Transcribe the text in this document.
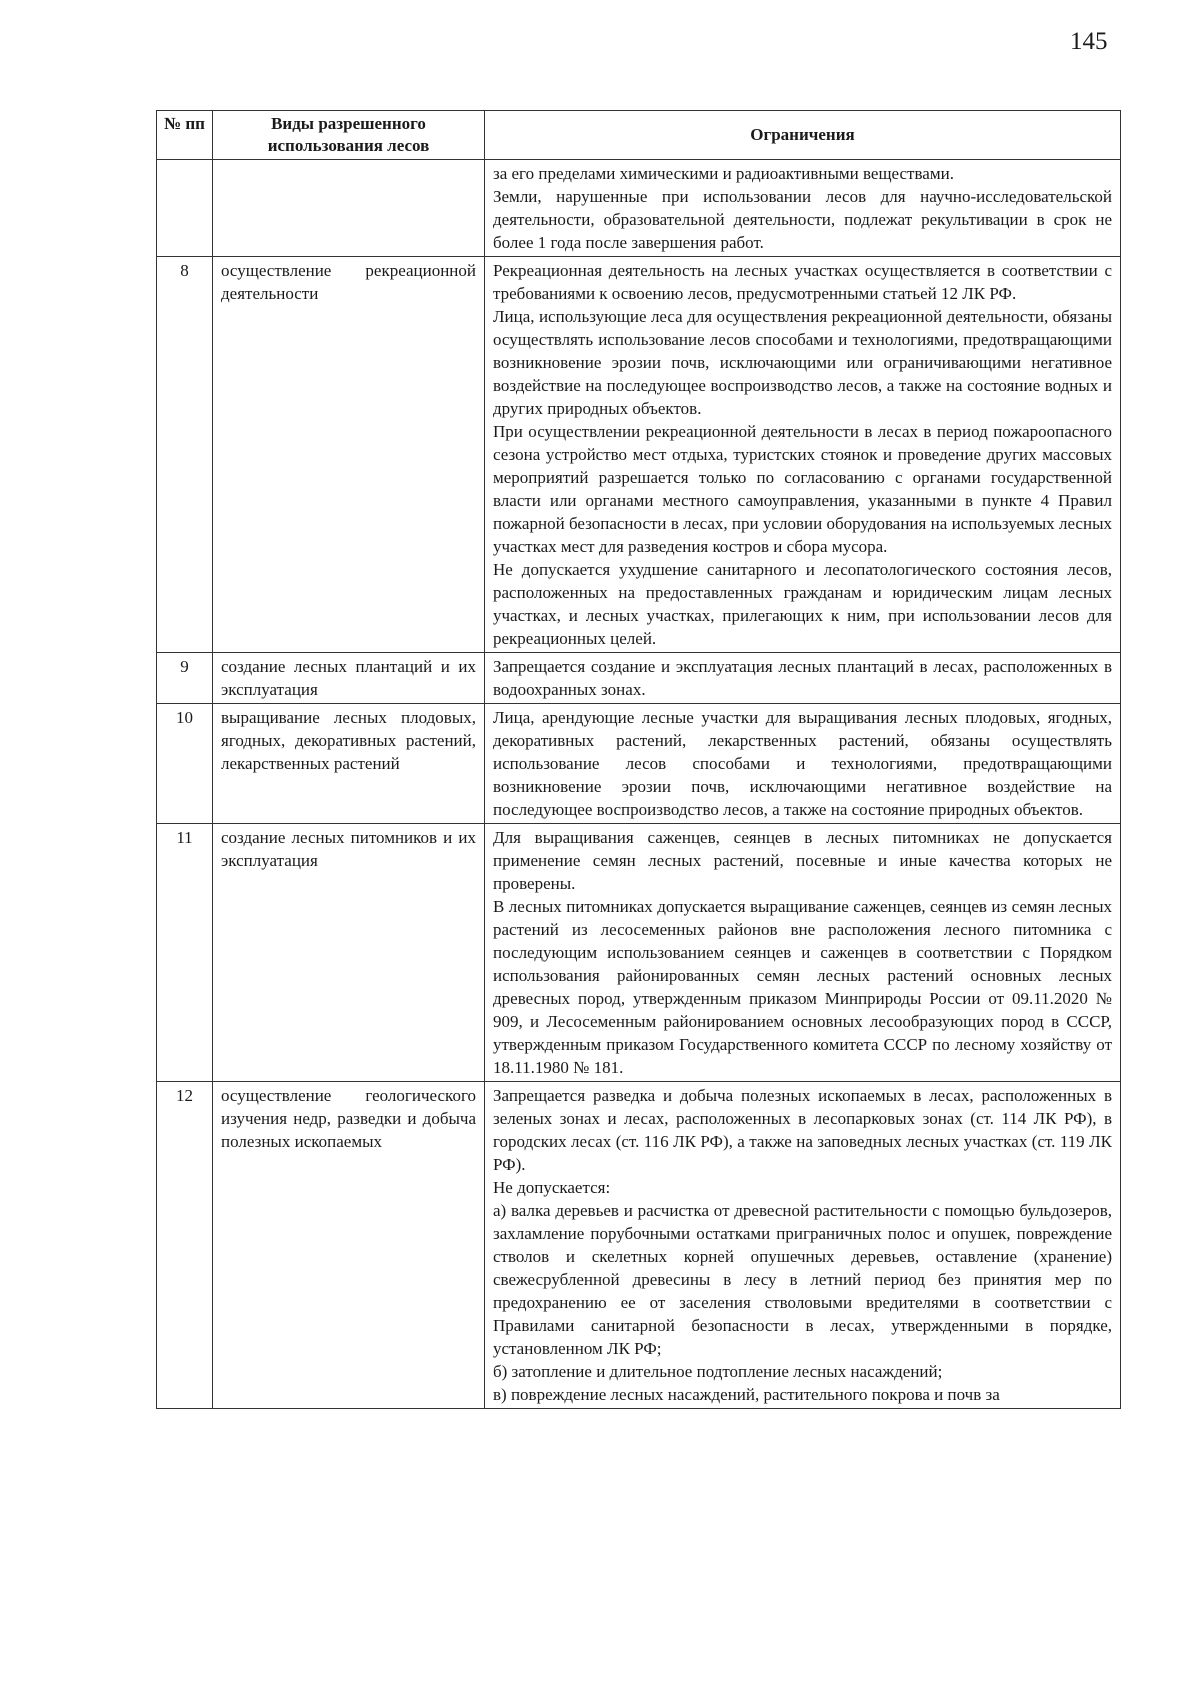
145
№ пп	Виды разрешенного использования лесов	Ограничения

		за его пределами химическими и радиоактивными веществами.

Земли, нарушенные при использовании лесов для научно-исследовательской деятельности, образовательной деятельности, подлежат рекультивации в срок не более 1 года после завершения работ.

8	осуществление рекреационной деятельности	Рекреационная деятельность на лесных участках осуществляется в соответствии с требованиями к освоению лесов, предусмотренными статьей 12 ЛК РФ.

Лица, использующие леса для осуществления рекреационной деятельности, обязаны осуществлять использование лесов способами и технологиями, предотвращающими возникновение эрозии почв, исключающими или ограничивающими негативное воздействие на последующее воспроизводство лесов, а также на состояние водных и других природных объектов.

При осуществлении рекреационной деятельности в лесах в период пожароопасного сезона устройство мест отдыха, туристских стоянок и проведение других массовых мероприятий разрешается только по согласованию с органами государственной власти или органами местного самоуправления, указанными в пункте 4 Правил пожарной безопасности в лесах, при условии оборудования на используемых лесных участках мест для разведения костров и сбора мусора.

Не допускается ухудшение санитарного и лесопатологического состояния лесов, расположенных на предоставленных гражданам и юридическим лицам лесных участках, и лесных участках, прилегающих к ним, при использовании лесов для рекреационных целей.

9	создание лесных плантаций и их эксплуатация	Запрещается создание и эксплуатация лесных плантаций в лесах, расположенных в водоохранных зонах.

10	выращивание лесных плодовых, ягодных, декоративных растений, лекарственных растений	Лица, арендующие лесные участки для выращивания лесных плодовых, ягодных, декоративных растений, лекарственных растений, обязаны осуществлять использование лесов способами и технологиями, предотвращающими возникновение эрозии почв, исключающими негативное воздействие на последующее воспроизводство лесов, а также на состояние природных объектов.

11	создание лесных питомников и их эксплуатация	Для выращивания саженцев, сеянцев в лесных питомниках не допускается применение семян лесных растений, посевные и иные качества которых не проверены.

В лесных питомниках допускается выращивание саженцев, сеянцев из семян лесных растений из лесосеменных районов вне расположения лесного питомника с последующим использованием сеянцев и саженцев в соответствии с Порядком использования районированных семян лесных растений основных лесных древесных пород, утвержденным приказом Минприроды России от 09.11.2020 № 909, и Лесосеменным районированием основных лесообразующих пород в СССР, утвержденным приказом Государственного комитета СССР по лесному хозяйству от 18.11.1980 № 181.

12	осуществление геологического изучения недр, разведки и добыча полезных ископаемых	Запрещается разведка и добыча полезных ископаемых в лесах, расположенных в зеленых зонах и лесах, расположенных в лесопарковых зонах (ст. 114 ЛК РФ), в городских лесах (ст. 116 ЛК РФ), а также на заповедных лесных участках (ст. 119 ЛК РФ).

Не допускается:

а) валка деревьев и расчистка от древесной растительности с помощью бульдозеров, захламление порубочными остатками приграничных полос и опушек, повреждение стволов и скелетных корней опушечных деревьев, оставление (хранение) свежесрубленной древесины в лесу в летний период без принятия мер по предохранению ее от заселения стволовыми вредителями в соответствии с Правилами санитарной безопасности в лесах, утвержденными в порядке, установленном ЛК РФ;

б) затопление и длительное подтопление лесных насаждений;

в) повреждение лесных насаждений, растительного покрова и почв за
